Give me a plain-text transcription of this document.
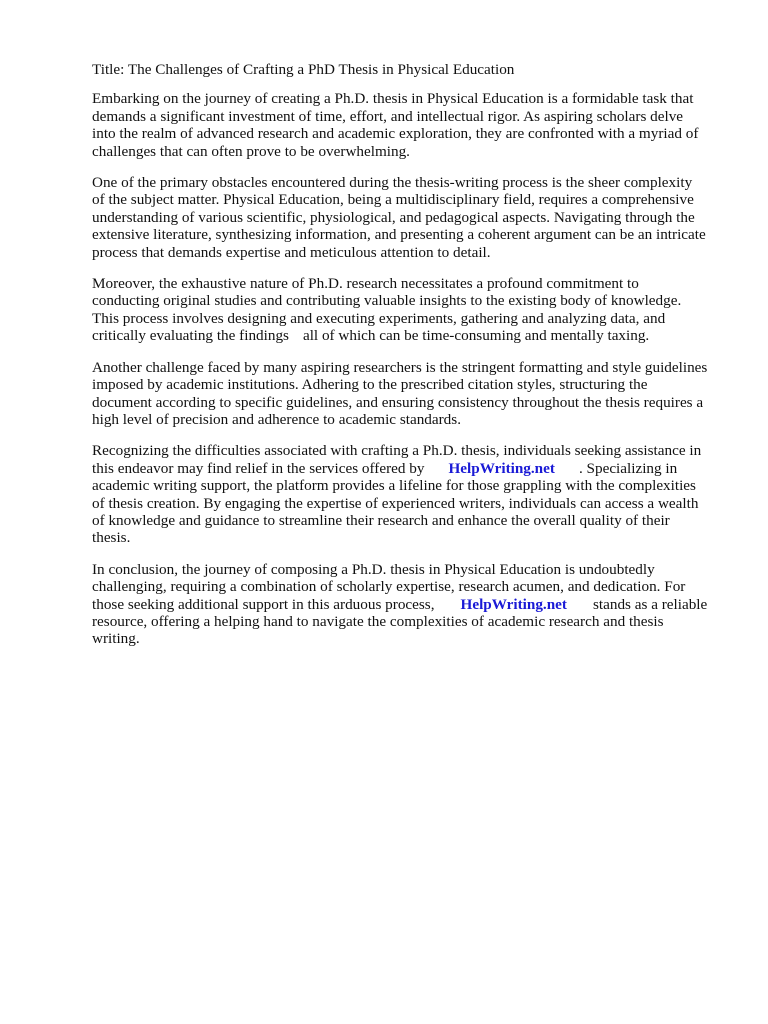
Title: The Challenges of Crafting a PhD Thesis in Physical Education
Embarking on the journey of creating a Ph.D. thesis in Physical Education is a formidable task that
demands a significant investment of time, effort, and intellectual rigor. As aspiring scholars delve
into the realm of advanced research and academic exploration, they are confronted with a myriad of
challenges that can often prove to be overwhelming.
One of the primary obstacles encountered during the thesis-writing process is the sheer complexity
of the subject matter. Physical Education, being a multidisciplinary field, requires a comprehensive
understanding of various scientific, physiological, and pedagogical aspects. Navigating through the
extensive literature, synthesizing information, and presenting a coherent argument can be an intricate
process that demands expertise and meticulous attention to detail.
Moreover, the exhaustive nature of Ph.D. research necessitates a profound commitment to
conducting original studies and contributing valuable insights to the existing body of knowledge.
This process involves designing and executing experiments, gathering and analyzing data, and
critically evaluating the findings all of which can be time-consuming and mentally taxing.
Another challenge faced by many aspiring researchers is the stringent formatting and style guidelines
imposed by academic institutions. Adhering to the prescribed citation styles, structuring the
document according to specific guidelines, and ensuring consistency throughout the thesis requires a
high level of precision and adherence to academic standards.
Recognizing the difficulties associated with crafting a Ph.D. thesis, individuals seeking assistance in
this endeavor may find relief in the services offered by HelpWriting.net . Specializing in
academic writing support, the platform provides a lifeline for those grappling with the complexities
of thesis creation. By engaging the expertise of experienced writers, individuals can access a wealth
of knowledge and guidance to streamline their research and enhance the overall quality of their
thesis.
In conclusion, the journey of composing a Ph.D. thesis in Physical Education is undoubtedly
challenging, requiring a combination of scholarly expertise, research acumen, and dedication. For
those seeking additional support in this arduous process, HelpWriting.net stands as a reliable
resource, offering a helping hand to navigate the complexities of academic research and thesis
writing.
